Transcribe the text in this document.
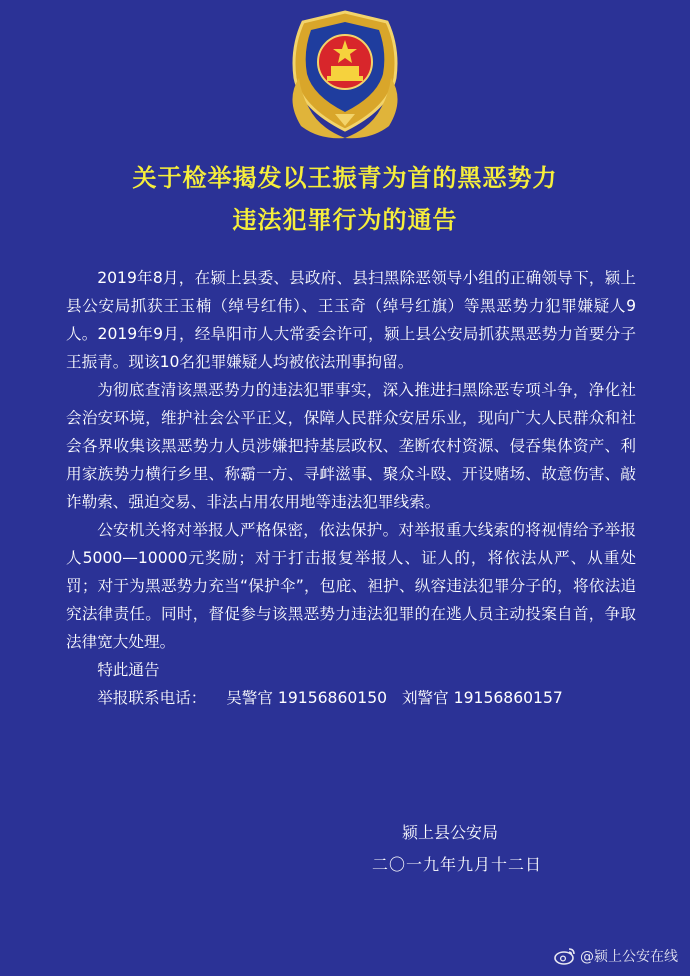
关于检举揭发以王振青为首的黑恶势力
违法犯罪行为的通告

2019年8月，在颍上县委、县政府、县扫黑除恶领导小组的正确领导下，颍上县公安局抓获王玉楠（绰号红伟）、王玉奇（绰号红旗）等黑恶势力犯罪嫌疑人9人。2019年9月，经阜阳市人大常委会许可，颍上县公安局抓获黑恶势力首要分子王振青。现该10名犯罪嫌疑人均被依法刑事拘留。

为彻底查清该黑恶势力的违法犯罪事实，深入推进扫黑除恶专项斗争，净化社会治安环境，维护社会公平正义，保障人民群众安居乐业，现向广大人民群众和社会各界收集该黑恶势力人员涉嫌把持基层政权、垄断农村资源、侵吞集体资产、利用家族势力横行乡里、称霸一方、寻衅滋事、聚众斗殴、开设赌场、故意伤害、敲诈勒索、强迫交易、非法占用农用地等违法犯罪线索。

公安机关将对举报人严格保密，依法保护。对举报重大线索的将视情给予举报人5000—10000元奖励；对于打击报复举报人、证人的，将依法从严、从重处罚；对于为黑恶势力充当“保护伞”，包庇、袒护、纵容违法犯罪分子的，将依法追究法律责任。同时，督促参与该黑恶势力违法犯罪的在逃人员主动投案自首，争取法律宽大处理。

特此通告

举报联系电话： 吴警官 19156860150 刘警官 19156860157

颍上县公安局
二〇一九年九月十二日
@颍上公安在线
